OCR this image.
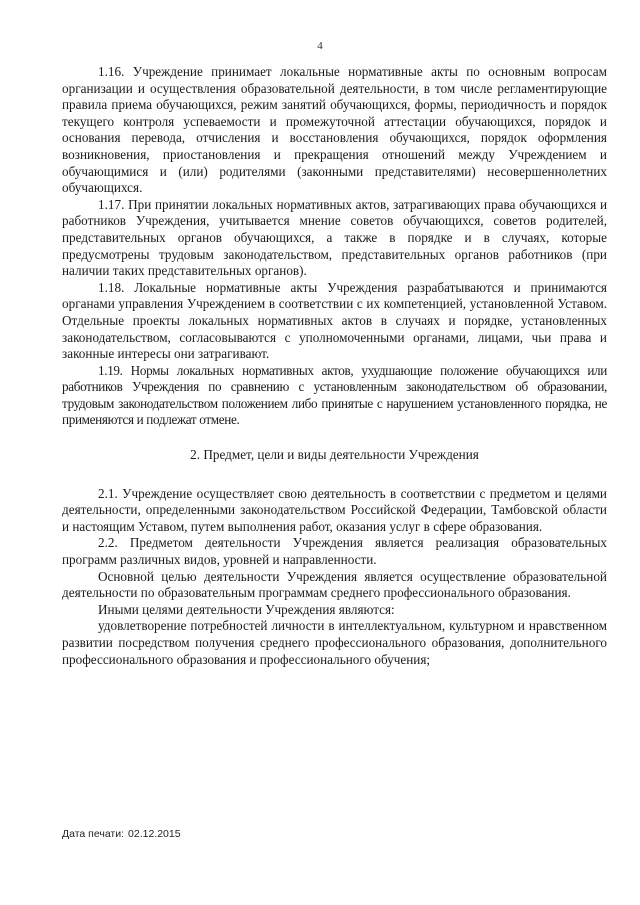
4

1.16. Учреждение принимает локальные нормативные акты по основным вопросам организации и осуществления образовательной деятельности, в том числе регламентирующие правила приема обучающихся, режим занятий обучающихся, формы, периодичность и порядок текущего контроля успеваемости и промежуточной аттестации обучающихся, порядок и основания перевода, отчисления и восстановления обучающихся, порядок оформления возникновения, приостановления и прекращения отношений между Учреждением и обучающимися и (или) родителями (законными представителями) несовершеннолетних обучающихся.

1.17. При принятии локальных нормативных актов, затрагивающих права обучающихся и работников Учреждения, учитывается мнение советов обучающихся, советов родителей, представительных органов обучающихся, а также в порядке и в случаях, которые предусмотрены трудовым законодательством, представительных органов работников (при наличии таких представительных органов).

1.18. Локальные нормативные акты Учреждения разрабатываются и принимаются органами управления Учреждением в соответствии с их компетенцией, установленной Уставом. Отдельные проекты локальных нормативных актов в случаях и порядке, установленных законодательством, согласовываются с уполномоченными органами, лицами, чьи права и законные интересы они затрагивают.

1.19. Нормы локальных нормативных актов, ухудшающие положение обучающихся или работников Учреждения по сравнению с установленным законодательством об образовании, трудовым законодательством положением либо принятые с нарушением установленного порядка, не применяются и подлежат отмене.

2. Предмет, цели и виды деятельности Учреждения

2.1. Учреждение осуществляет свою деятельность в соответствии с предметом и целями деятельности, определенными законодательством Российской Федерации, Тамбовской области и настоящим Уставом, путем выполнения работ, оказания услуг в сфере образования.

2.2. Предметом деятельности Учреждения является реализация образовательных программ различных видов, уровней и направленности.

Основной целью деятельности Учреждения является осуществление образовательной деятельности по образовательным программам среднего профессионального образования.

Иными целями деятельности Учреждения являются:

удовлетворение потребностей личности в интеллектуальном, культурном и нравственном развитии посредством получения среднего профессионального образования, дополнительного профессионального образования и профессионального обучения;

Дата печати: 02.12.2015
